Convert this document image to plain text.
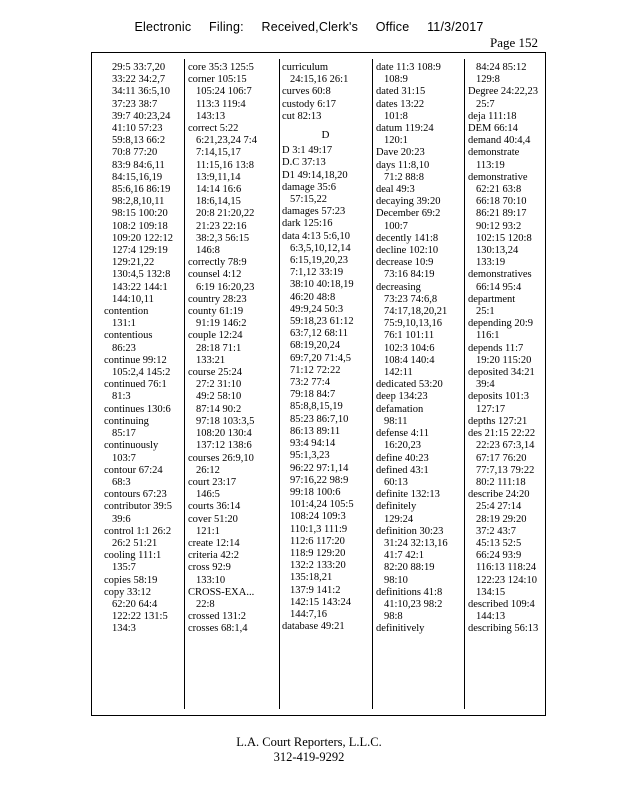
Electronic Filing: Received,Clerk's Office 11/3/2017
Page 152
29:5 33:7,20
33:22 34:2,7
34:11 36:5,10
37:23 38:7
39:7 40:23,24
41:10 57:23
59:8,13 66:2
70:8 77:20
83:9 84:6,11
84:15,16,19
85:6,16 86:19
98:2,8,10,11
98:15 100:20
108:2 109:18
109:20 122:12
127:4 129:19
129:21,22
130:4,5 132:8
143:22 144:1
144:10,11
contention
131:1
contentious
86:23
continue 99:12
105:2,4 145:2
continued 76:1
81:3
continues 130:6
continuing
85:17
continuously
103:7
contour 67:24
68:3
contours 67:23
contributor 39:5
39:6
control 1:1 26:2
26:2 51:21
cooling 111:1
135:7
copies 58:19
copy 33:12
62:20 64:4
122:22 131:5
134:3
core 35:3 125:5
corner 105:15
105:24 106:7
113:3 119:4
143:13
correct 5:22
6:21,23,24 7:4
7:14,15,17
11:15,16 13:8
13:9,11,14
14:14 16:6
18:6,14,15
20:8 21:20,22
21:23 22:16
38:2,3 56:15
146:8
correctly 78:9
counsel 4:12
6:19 16:20,23
country 28:23
county 61:19
91:19 146:2
couple 12:24
28:18 71:1
133:21
course 25:24
27:2 31:10
49:2 58:10
87:14 90:2
97:18 103:3,5
108:20 130:4
137:12 138:6
courses 26:9,10
26:12
court 23:17
146:5
courts 36:14
cover 51:20
121:1
create 12:14
criteria 42:2
cross 92:9
133:10
CROSS-EXA...
22:8
crossed 131:2
crosses 68:1,4
curriculum
24:15,16 26:1
curves 60:8
custody 6:17
cut 82:13
D
D 3:1 49:17
D.C 37:13
D1 49:14,18,20
damage 35:6
57:15,22
damages 57:23
dark 125:16
data 4:13 5:6,10
6:3,5,10,12,14
6:15,19,20,23
7:1,12 33:19
38:10 40:18,19
46:20 48:8
49:9,24 50:3
59:18,23 61:12
63:7,12 68:11
68:19,20,24
69:7,20 71:4,5
71:12 72:22
73:2 77:4
79:18 84:7
85:8,8,15,19
85:23 86:7,10
86:13 89:11
93:4 94:14
95:1,3,23
96:22 97:1,14
97:16,22 98:9
99:18 100:6
101:4,24 105:5
108:24 109:3
110:1,3 111:9
112:6 117:20
118:9 129:20
132:2 133:20
135:18,21
137:9 141:2
142:15 143:24
144:7,16
database 49:21
date 11:3 108:9
108:9
dated 31:15
dates 13:22
101:8
datum 119:24
120:1
Dave 20:23
days 11:8,10
71:2 88:8
deal 49:3
decaying 39:20
December 69:2
100:7
decently 141:8
decline 102:10
decrease 10:9
73:16 84:19
decreasing
73:23 74:6,8
74:17,18,20,21
75:9,10,13,16
76:1 101:11
102:3 104:6
108:4 140:4
142:11
dedicated 53:20
deep 134:23
defamation
98:11
defense 4:11
16:20,23
define 40:23
defined 43:1
60:13
definite 132:13
definitely
129:24
definition 30:23
31:24 32:13,16
41:7 42:1
82:20 88:19
98:10
definitions 41:8
41:10,23 98:2
98:8
definitively
84:24 85:12
129:8
Degree 24:22,23
25:7
deja 111:18
DEM 66:14
demand 40:4,4
demonstrate
113:19
demonstrative
62:21 63:8
66:18 70:10
86:21 89:17
90:12 93:2
102:15 120:8
130:13,24
133:19
demonstratives
66:14 95:4
department
25:1
depending 20:9
116:1
depends 11:7
19:20 115:20
deposited 34:21
39:4
deposits 101:3
127:17
depths 127:21
des 21:15 22:22
22:23 67:3,14
67:17 76:20
77:7,13 79:22
80:2 111:18
describe 24:20
25:4 27:14
28:19 29:20
37:2 43:7
45:13 52:5
66:24 93:9
116:13 118:24
122:23 124:10
134:15
described 109:4
144:13
describing 56:13
L.A. Court Reporters, L.L.C.
312-419-9292
